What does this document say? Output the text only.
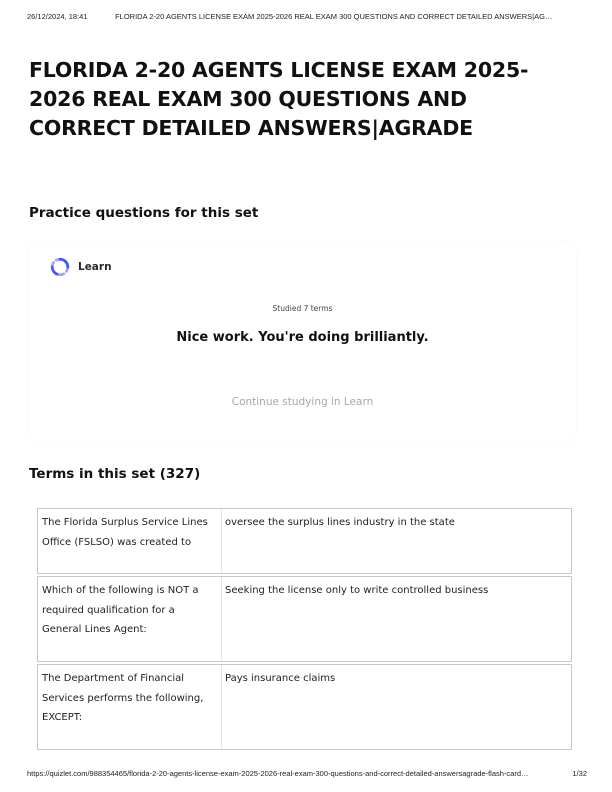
26/12/2024, 18:41	FLORIDA 2-20 AGENTS LICENSE EXAM 2025-2026 REAL EXAM 300 QUESTIONS AND CORRECT DETAILED ANSWERS|AG…
FLORIDA 2-20 AGENTS LICENSE EXAM 2025-2026 REAL EXAM 300 QUESTIONS AND CORRECT DETAILED ANSWERS|AGRADE
Practice questions for this set
Learn
Studied 7 terms
Nice work. You're doing brilliantly.
Continue studying in Learn
Terms in this set (327)
The Florida Surplus Service Lines Office (FSLSO) was created to
oversee the surplus lines industry in the state
Which of the following is NOT a required qualification for a General Lines Agent:
Seeking the license only to write controlled business
The Department of Financial Services performs the following, EXCEPT:
Pays insurance claims
https://quizlet.com/988354465/florida-2-20-agents-license-exam-2025-2026-real-exam-300-questions-and-correct-detailed-answersagrade-flash-card…	1/32
